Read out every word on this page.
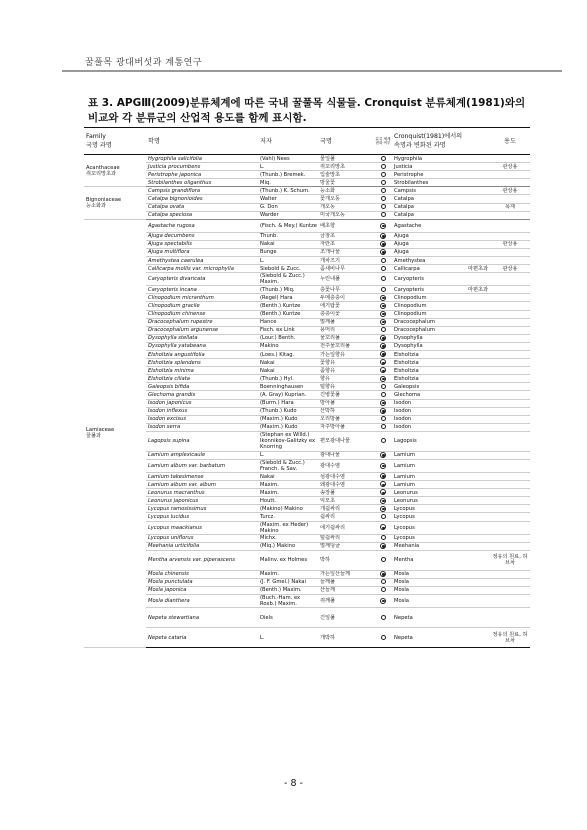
꿀풀목 광대버섯과 계통연구
표 3. APGⅢ(2009)분류체계에 따른 국내 꿀풀목 식물들. Cronquist 분류체계(1981)와의 비교와 각 분류군의 산업적 용도를 함께 표시함.
Family
국명 과명	학명	저자	국명	분류 체계 변화 여부	Cronquist(1981)에서의
속명과 변화된 과명	용도
Acanthaceae
쥐꼬리망초과	Hygrophila salicifolia	(Vahl) Nees	물잎풀		Hygrophila	
	Justicia procumbens	L.	쥐꼬리망초		Justicia	관상용
	Peristrophe japonica	(Thunb.) Bremek.	입술망초		Peristrophe	
	Strobilanthes oliganthus	Miq.	방울꽃		Strobilanthes	
Bignoniaceae
능소화과	Campsis grandiflora	(Thunb.) K. Schum.	능소화		Campsis	관상용
	Catalpa bignonioides	Walter	꽃개오동		Catalpa	
	Catalpa ovata	G. Don	개오동		Catalpa	목재
	Catalpa speciosa	Warder	미국개오동		Catalpa	
Lamiaceae
꿀풀과	Agastache rugosa	(Fisch. & Mey.) Kuntze	배초향		Agastache	
	Ajuga decumbens	Thunb.	금창초		Ajuga	
	Ajuga spectabilis	Nakai	자란초		Ajuga	관상용
	Ajuga multiflora	Bunge	조개나물		Ajuga	
	Amethystea caerulea	L.	개차즈기		Amethystea	
	Callicarpa mollis var. microphylla	Siebold & Zucc.	좀새비나무		Callicarpa 마편초과	관상용
	Caryopteris divaricata	(Siebold & Zucc.) Maxim.	누린내풀		Caryopteris	
	Caryopteris incana	(Thunb.) Miq.	층꽃나무		Caryopteris 마편초과	

	Clinopodium micranthum	(Regel) Hara	두메층층이		Clinopodium	
	Clinopodium gracile	(Benth.) Kuntze	애기탑꽃		Clinopodium	
	Clinopodium chinense	(Benth.) Kuntze	층층이꽃		Clinopodium	
	Dracocephalum rupestre	Hance	벌깨풀		Dracocephalum	
	Dracocephalum argunense	Fisch. ex Link	용머리		Dracocephalum	
	Dysophylla stellata	(Lour.) Benth.	물꼬리풀		Dysophylla	
	Dysophylla yatabeana	Makino	전주물꼬리풀		Dysophylla	
	Elsholtzia angustifolia	(Loes.) Kitag.	가는잎향유		Elsholtzia	
	Elsholtzia splendens	Nakai	꽃향유		Elsholtzia	
	Elsholtzia minima	Nakai	좀향유		Elsholtzia	
	Elsholtzia ciliata	(Thunb.) Hyl.	향유		Elsholtzia	
	Galeopsis bifida	Boenninghausen	털향유		Galeopsis	
	Glechoma grandis	(A. Gray) Kuprian.	긴병꽃풀		Glechoma	
	Isodon japonicus	(Burm.) Hara	방아풀		Isodon	
	Isodon inflexus	(Thunb.) Kudo	산박하		Isodon	
	Isodon excisus	(Maxim.) Kudo	오리방풀		Isodon	
	Isodon serra	(Maxim.) Kudo	자주방아풀		Isodon	
	Lagopsis supina	(Stephan ex Willd.) Ikonnikov-Galitzky ex Knorring	편모광대나물		Lagopsis	
	Lamium amplexicaule	L.	광대나물		Lamium	
	Lamium album var. barbatum	(Siebold & Zucc.) Franch. & Sav.	광대수염		Lamium	
	Lamium takesimense	Nakai	섬광대수염		Lamium	
	Lamium album var. album	Maxim.	왜광대수염		Lamium	
	Leonurus macranthus	Maxim.	송장풀		Leonurus	
	Leonurus japonicus	Houtt.	익모초		Leonurus	
	Lycopus ramosissimus	(Makino) Makino	개쉽싸리		Lycopus	
	Lycopus lucidus	Turcz.	쉽싸리		Lycopus	
	Lycopus maackianus	(Maxim. ex Heder) Makino	애기쉽싸리		Lycopus	
	Lycopus uniflorus	Michx.	털쉽싸리		Lycopus	
	Meehania urticifolia	(Miq.) Makino	벌깨덩굴		Meehania	
	Mentha arvensis var. piperascens	Malinv. ex Holmes	박하		Mentha	정유의 원료, 허브차
	Mosla chinensis	Maxim.	가는잎산들깨		Mosla	
	Mosla punctulata	(J. F. Gmel.) Nakai	들깨풀		Mosla	
	Mosla japonica	(Benth.) Maxim.	산들깨		Mosla	
	Mosla dianthera	(Buch.-Ham. ex Roxb.) Maxim.	쥐깨풀		Mosla	
	Nepeta stewartiana	Diels	긴잎풀		Nepeta	
	Nepeta cataria	L.	개박하		Nepeta	정유의 원료, 허브차
- 8 -
